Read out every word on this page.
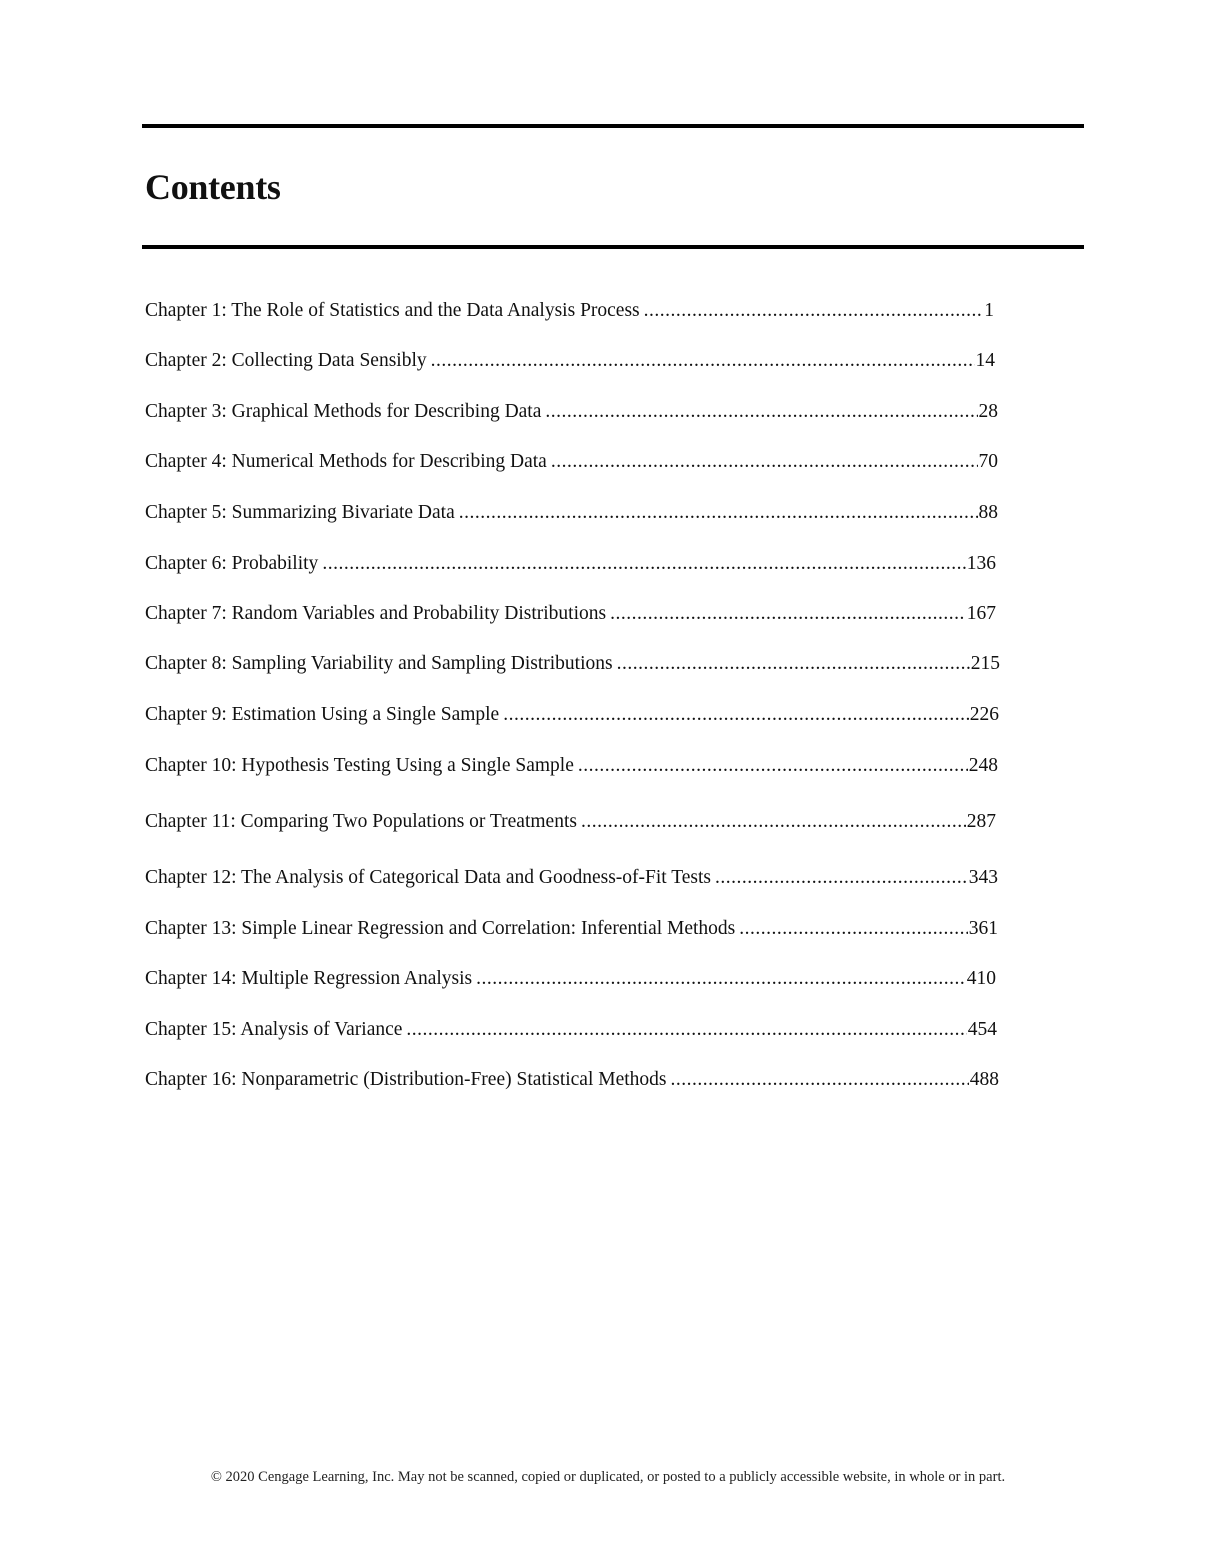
Contents
Chapter 1: The Role of Statistics and the Data Analysis Process .....	1
Chapter 2: Collecting Data Sensibly .....	14
Chapter 3: Graphical Methods for Describing Data .....	28
Chapter 4: Numerical Methods for Describing Data .....	70
Chapter 5: Summarizing Bivariate Data .....	88
Chapter 6: Probability .....	136
Chapter 7: Random Variables and Probability Distributions .....	167
Chapter 8: Sampling Variability and Sampling Distributions .....	215
Chapter 9: Estimation Using a Single Sample .....	226
Chapter 10: Hypothesis Testing Using a Single Sample .....	248
Chapter 11: Comparing Two Populations or Treatments .....	287
Chapter 12: The Analysis of Categorical Data and Goodness-of-Fit Tests .....	343
Chapter 13: Simple Linear Regression and Correlation: Inferential Methods .....	361
Chapter 14: Multiple Regression Analysis .....	410
Chapter 15: Analysis of Variance .....	454
Chapter 16: Nonparametric (Distribution-Free) Statistical Methods .....	488
© 2020 Cengage Learning, Inc. May not be scanned, copied or duplicated, or posted to a publicly accessible website, in whole or in part.
